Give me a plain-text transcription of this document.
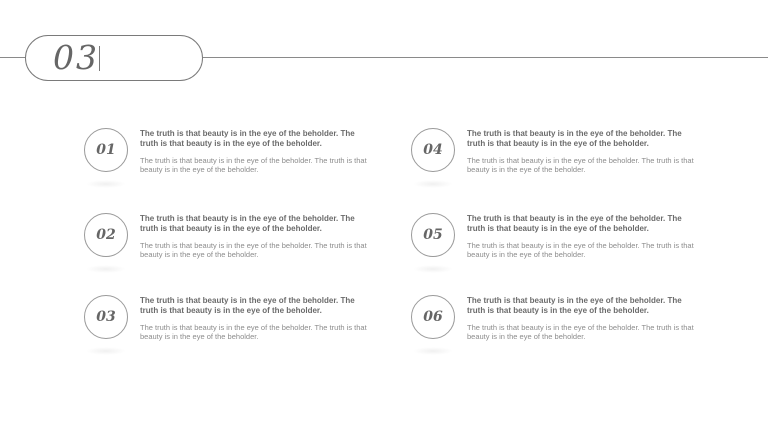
03
01
The truth is that beauty is in the eye of the beholder. The truth is that beauty is in the eye of the beholder.
The truth is that beauty is in the eye of the beholder. The truth is that beauty is in the eye of the beholder.
02
The truth is that beauty is in the eye of the beholder. The truth is that beauty is in the eye of the beholder.
The truth is that beauty is in the eye of the beholder. The truth is that beauty is in the eye of the beholder.
03
The truth is that beauty is in the eye of the beholder. The truth is that beauty is in the eye of the beholder.
The truth is that beauty is in the eye of the beholder. The truth is that beauty is in the eye of the beholder.
04
The truth is that beauty is in the eye of the beholder. The truth is that beauty is in the eye of the beholder.
The truth is that beauty is in the eye of the beholder. The truth is that beauty is in the eye of the beholder.
05
The truth is that beauty is in the eye of the beholder. The truth is that beauty is in the eye of the beholder.
The truth is that beauty is in the eye of the beholder. The truth is that beauty is in the eye of the beholder.
06
The truth is that beauty is in the eye of the beholder. The truth is that beauty is in the eye of the beholder.
The truth is that beauty is in the eye of the beholder. The truth is that beauty is in the eye of the beholder.
